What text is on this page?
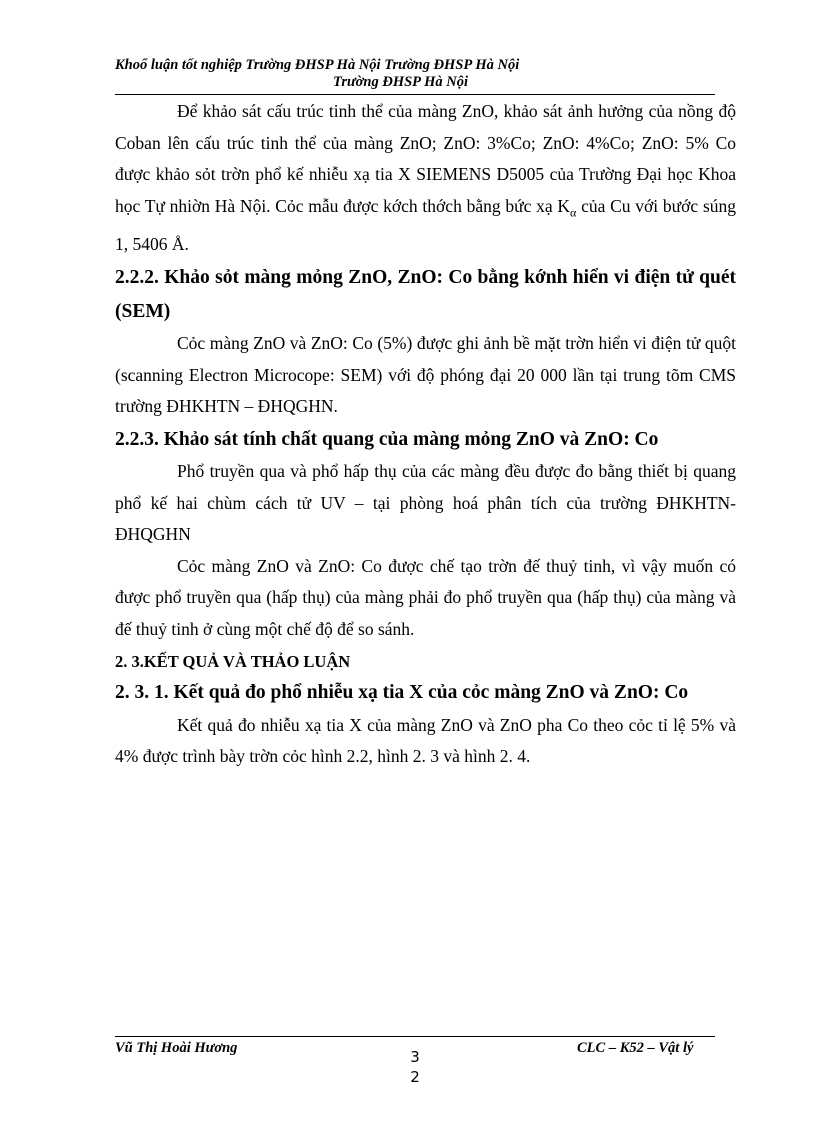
Khoổ luận tốt nghiệp Trường ĐHSP Hà Nội Trường ĐHSP Hà Nội
Trường ĐHSP Hà Nội

Để khảo sát cấu trúc tinh thể của màng ZnO, khảo sát ảnh hưởng của nồng độ Coban lên cấu trúc tinh thể của màng ZnO; ZnO: 3%Co; ZnO: 4%Co; ZnO: 5% Co được khảo sỏt trờn phổ kế nhiễu xạ tia X SIEMENS D5005 của Trường Đại học Khoa học Tự nhiờn Hà Nội. Cỏc mẫu được kớch thớch bằng bức xạ $K_\alpha$ của Cu với bước súng 1, 5406 Å.

2.2.2. Khảo sỏt màng mỏng ZnO, ZnO: Co bằng kớnh hiển vi điện tử quét (SEM)

Cỏc màng ZnO và ZnO: Co (5%) được ghi ảnh bề mặt trờn hiển vi điện tử quột (scanning Electron Microcope: SEM) với độ phóng đại 20 000 lần tại trung tõm CMS trường ĐHKHTN – ĐHQGHN.

2.2.3. Khảo sát tính chất quang của màng mỏng ZnO và ZnO: Co

Phổ truyền qua và phổ hấp thụ của các màng đều được đo bằng thiết bị quang phổ kế hai chùm cách tử UV – tại phòng hoá phân tích của trường ĐHKHTN- ĐHQGHN

Cỏc màng ZnO và ZnO: Co được chế tạo trờn đế thuỷ tinh, vì vậy muốn có được phổ truyền qua (hấp thụ) của màng phải đo phổ truyền qua (hấp thụ) của màng và đế thuỷ tinh ở cùng một chế độ để so sánh.

2. 3.KẾT QUẢ VÀ THẢO LUẬN
2. 3. 1. Kết quả đo phổ nhiễu xạ tia X của cỏc màng ZnO và ZnO: Co

Kết quả đo nhiễu xạ tia X của màng ZnO và ZnO pha Co theo cỏc tỉ lệ 5% và 4% được trình bày trờn cỏc hình 2.2, hình 2. 3 và hình 2. 4.

Vũ Thị Hoài Hương	3
2
CLC – K52 – Vật lý
